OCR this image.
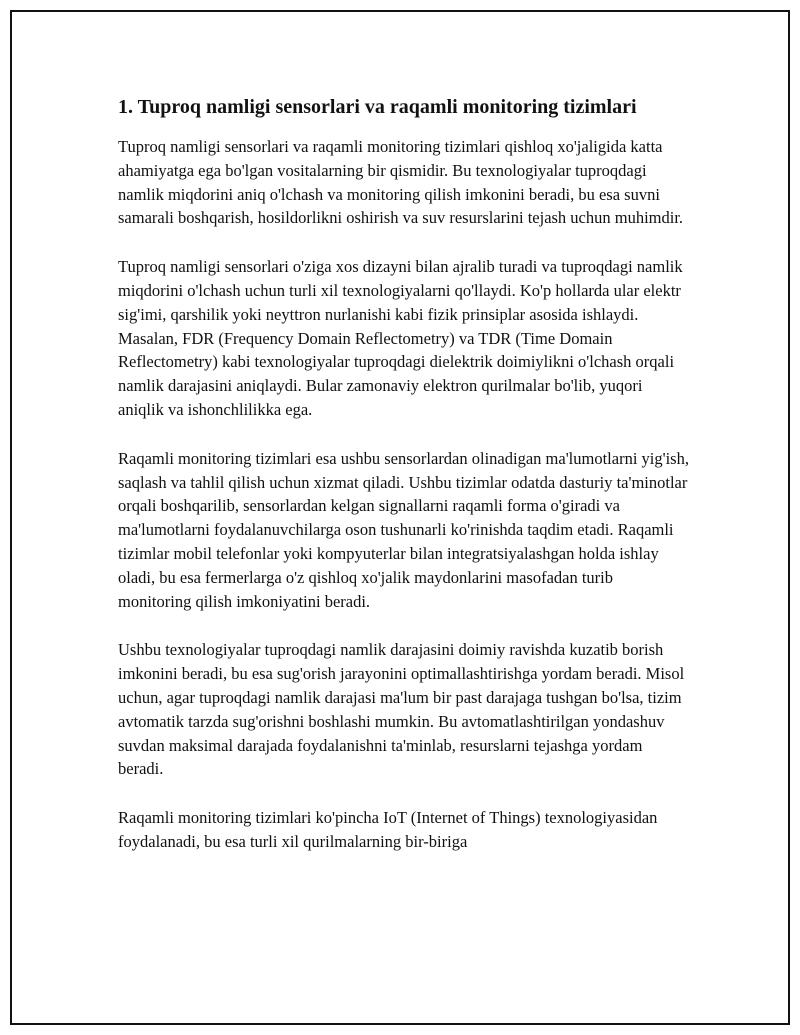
1. Tuproq namligi sensorlari va raqamli monitoring tizimlari

Tuproq namligi sensorlari va raqamli monitoring tizimlari qishloq xo'jaligida katta ahamiyatga ega bo'lgan vositalarning bir qismidir. Bu texnologiyalar tuproqdagi namlik miqdorini aniq o'lchash va monitoring qilish imkonini beradi, bu esa suvni samarali boshqarish, hosildorlikni oshirish va suv resurslarini tejash uchun muhimdir.

Tuproq namligi sensorlari o'ziga xos dizayni bilan ajralib turadi va tuproqdagi namlik miqdorini o'lchash uchun turli xil texnologiyalarni qo'llaydi. Ko'p hollarda ular elektr sig'imi, qarshilik yoki neyttron nurlanishi kabi fizik prinsiplar asosida ishlaydi. Masalan, FDR (Frequency Domain Reflectometry) va TDR (Time Domain Reflectometry) kabi texnologiyalar tuproqdagi dielektrik doimiylikni o'lchash orqali namlik darajasini aniqlaydi. Bular zamonaviy elektron qurilmalar bo'lib, yuqori aniqlik va ishonchlilikka ega.

Raqamli monitoring tizimlari esa ushbu sensorlardan olinadigan ma'lumotlarni yig'ish, saqlash va tahlil qilish uchun xizmat qiladi. Ushbu tizimlar odatda dasturiy ta'minotlar orqali boshqarilib, sensorlardan kelgan signallarni raqamli forma o'giradi va ma'lumotlarni foydalanuvchilarga oson tushunarli ko'rinishda taqdim etadi. Raqamli tizimlar mobil telefonlar yoki kompyuterlar bilan integratsiyalashgan holda ishlay oladi, bu esa fermerlarga o'z qishloq xo'jalik maydonlarini masofadan turib monitoring qilish imkoniyatini beradi.

Ushbu texnologiyalar tuproqdagi namlik darajasini doimiy ravishda kuzatib borish imkonini beradi, bu esa sug'orish jarayonini optimallashtirishga yordam beradi. Misol uchun, agar tuproqdagi namlik darajasi ma'lum bir past darajaga tushgan bo'lsa, tizim avtomatik tarzda sug'orishni boshlashi mumkin. Bu avtomatlashtirilgan yondashuv suvdan maksimal darajada foydalanishni ta'minlab, resurslarni tejashga yordam beradi.

Raqamli monitoring tizimlari ko'pincha IoT (Internet of Things) texnologiyasidan foydalanadi, bu esa turli xil qurilmalarning bir-biriga
